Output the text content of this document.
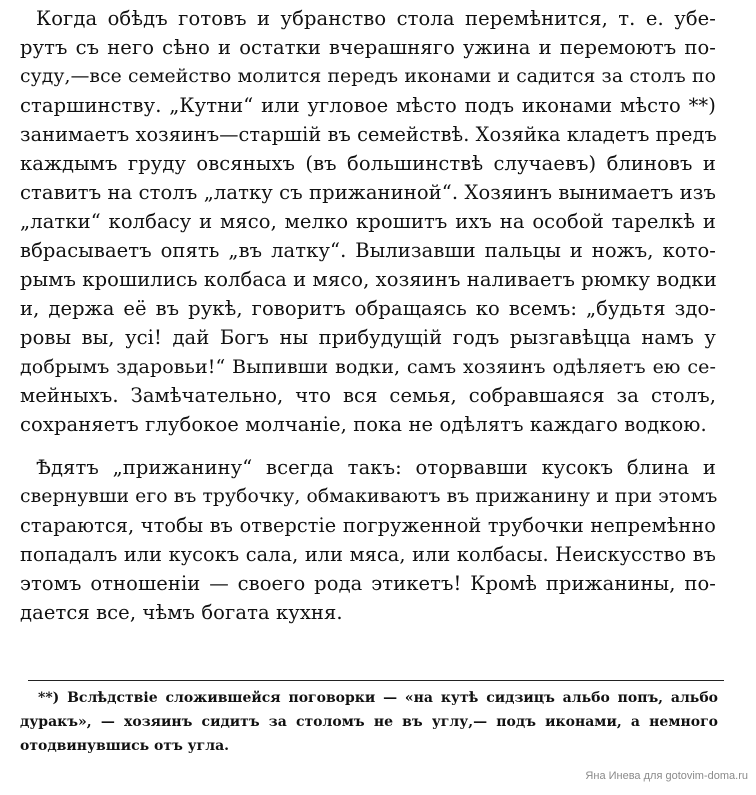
Когда обѣдъ готовъ и убранство стола перемѣнится, т. е. убе-
рутъ съ него сѣно и остатки вчерашняго ужина и перемоютъ по-
суду,—все семейство молится передъ иконами и садится за столъ по
старшинству. „Кутни“ или угловое мѣсто подъ иконами мѣсто **)
занимаетъ хозяинъ—старшій въ семействѣ. Хозяйка кладетъ предъ
каждымъ груду овсяныхъ (въ большинствѣ случаевъ) блиновъ и
ставитъ на столъ „латку съ прижаниной“. Хозяинъ вынимаетъ изъ
„латки“ колбасу и мясо, мелко крошитъ ихъ на особой тарелкѣ и
вбрасываетъ опять „въ латку“. Вылизавши пальцы и ножъ, кото-
рымъ крошились колбаса и мясо, хозяинъ наливаетъ рюмку водки
и, держа её въ рукѣ, говоритъ обращаясь ко всемъ: „будьтя здо-
ровы вы, усі! дай Богъ ны прибудущій годъ рызгавѣцца намъ у
добрымъ здаровьи!“ Выпивши водки, самъ хозяинъ одѣляетъ ею се-
мейныхъ. Замѣчательно, что вся семья, собравшаяся за столъ,
сохраняетъ глубокое молчаніе, пока не одѣлятъ каждаго водкою.
Ѣдятъ „прижанину“ всегда такъ: оторвавши кусокъ блина и
свернувши его въ трубочку, обмакиваютъ въ прижанину и при этомъ
стараются, чтобы въ отверстіе погруженной трубочки непремѣнно
попадалъ или кусокъ сала, или мяса, или колбасы. Неискусство въ
этомъ отношеніи — своего рода этикетъ! Кромѣ прижанины, по-
дается все, чѣмъ богата кухня.
**) Вслѣдствіе сложившейся поговорки — «на кутѣ сидзицъ альбо попъ, альбо
дуракъ», — хозяинъ сидитъ за столомъ не въ углу,— подъ иконами, а немного
отодвинувшись отъ угла.
Яна Инева для gotovim-doma.ru
